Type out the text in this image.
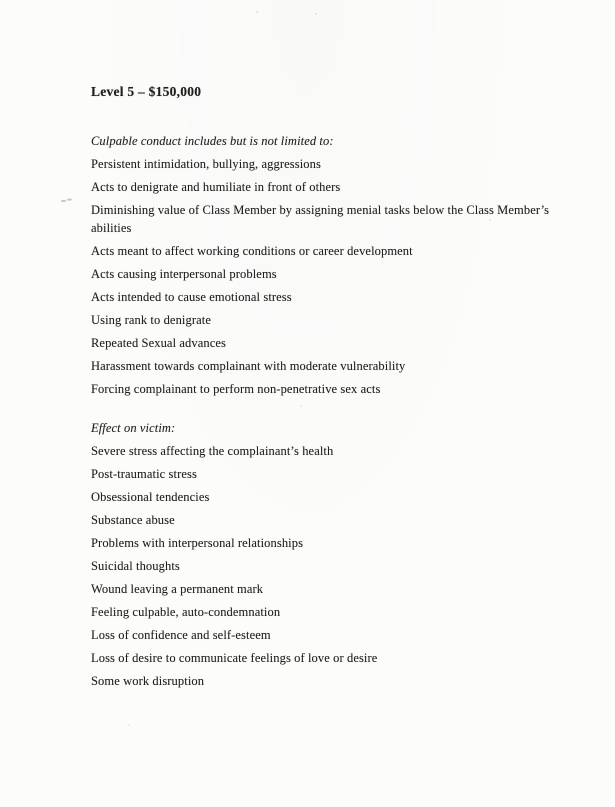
Level 5 – $150,000

Culpable conduct includes but is not limited to:

Persistent intimidation, bullying, aggressions

Acts to denigrate and humiliate in front of others

Diminishing value of Class Member by assigning menial tasks below the Class Member’s abilities

Acts meant to affect working conditions or career development

Acts causing interpersonal problems

Acts intended to cause emotional stress

Using rank to denigrate

Repeated Sexual advances

Harassment towards complainant with moderate vulnerability

Forcing complainant to perform non-penetrative sex acts

Effect on victim:

Severe stress affecting the complainant’s health

Post-traumatic stress

Obsessional tendencies

Substance abuse

Problems with interpersonal relationships

Suicidal thoughts

Wound leaving a permanent mark

Feeling culpable, auto-condemnation

Loss of confidence and self-esteem

Loss of desire to communicate feelings of love or desire

Some work disruption
